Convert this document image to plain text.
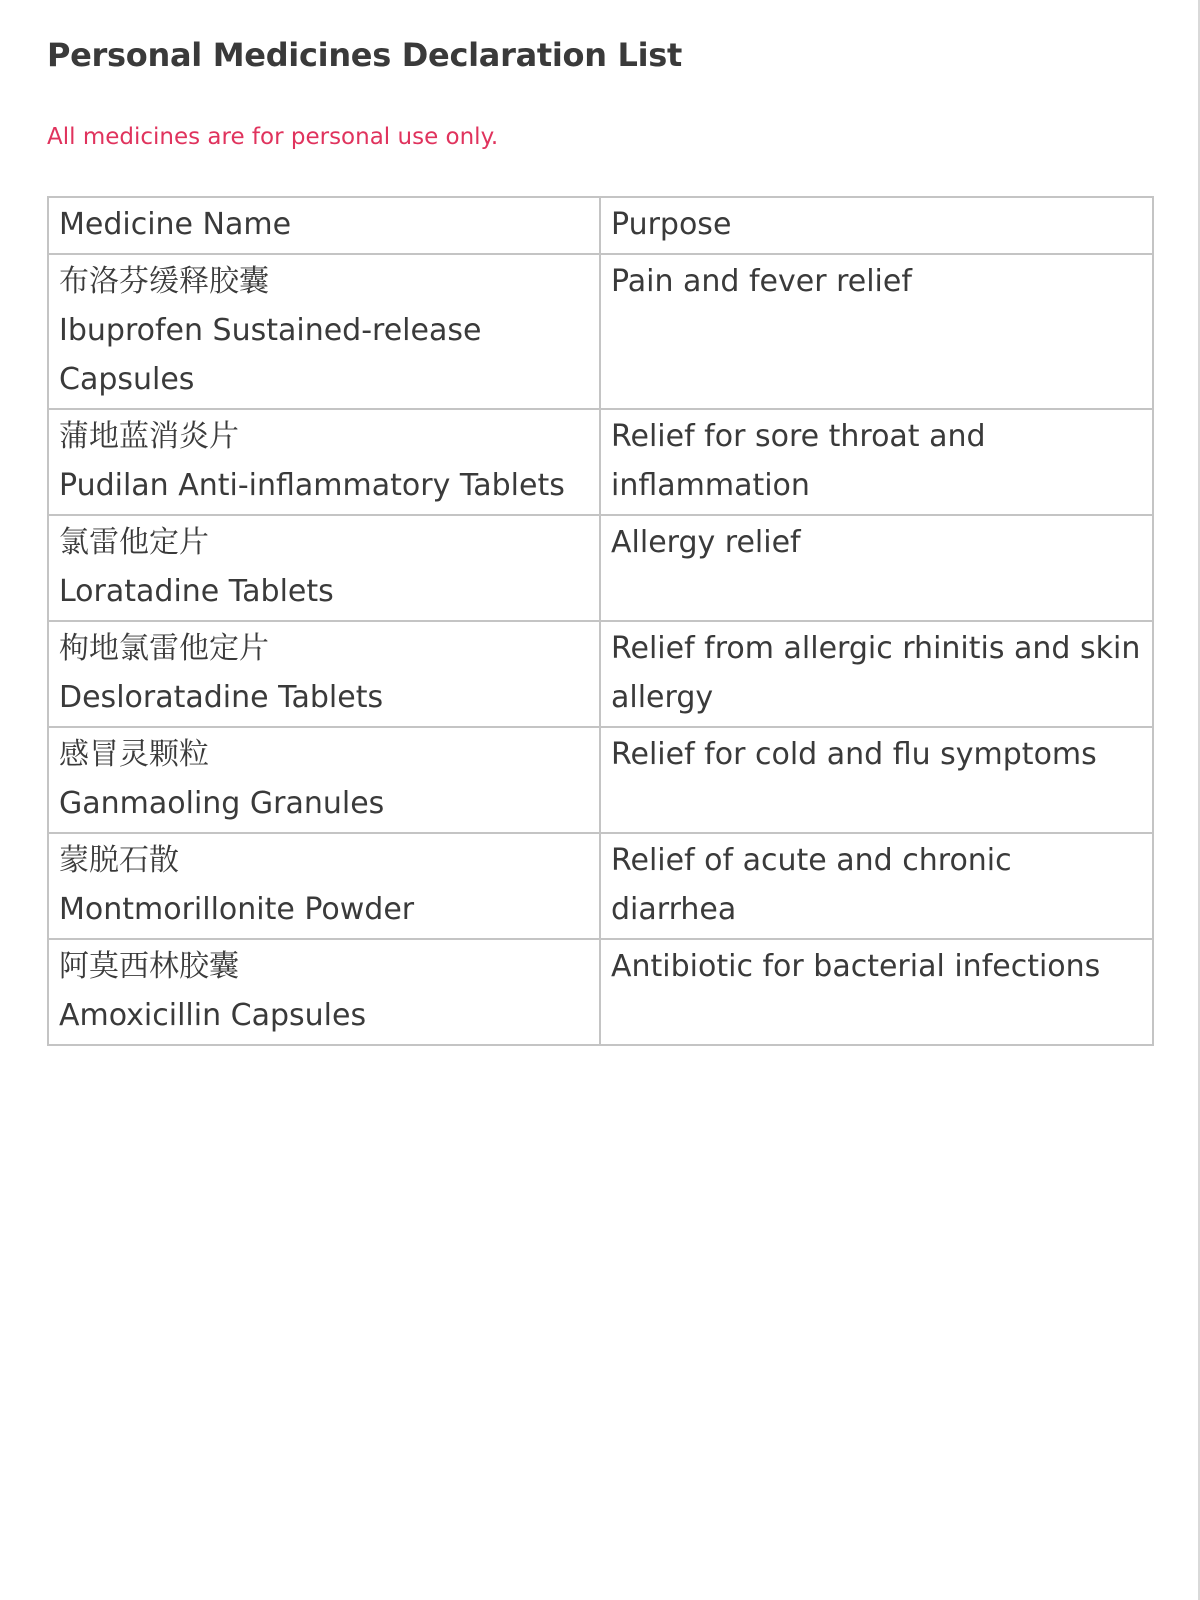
Personal Medicines Declaration List

All medicines are for personal use only.

Medicine Name	Purpose

布洛芬缓释胶囊
Ibuprofen Sustained-release
Capsules	Pain and fever relief

蒲地蓝消炎片
Pudilan Anti-inflammatory Tablets	Relief for sore throat and inflammation

氯雷他定片
Loratadine Tablets	Allergy relief

枸地氯雷他定片
Desloratadine Tablets	Relief from allergic rhinitis and skin allergy

感冒灵颗粒
Ganmaoling Granules	Relief for cold and flu symptoms

蒙脱石散
Montmorillonite Powder	Relief of acute and chronic diarrhea

阿莫西林胶囊
Amoxicillin Capsules	Antibiotic for bacterial infections
